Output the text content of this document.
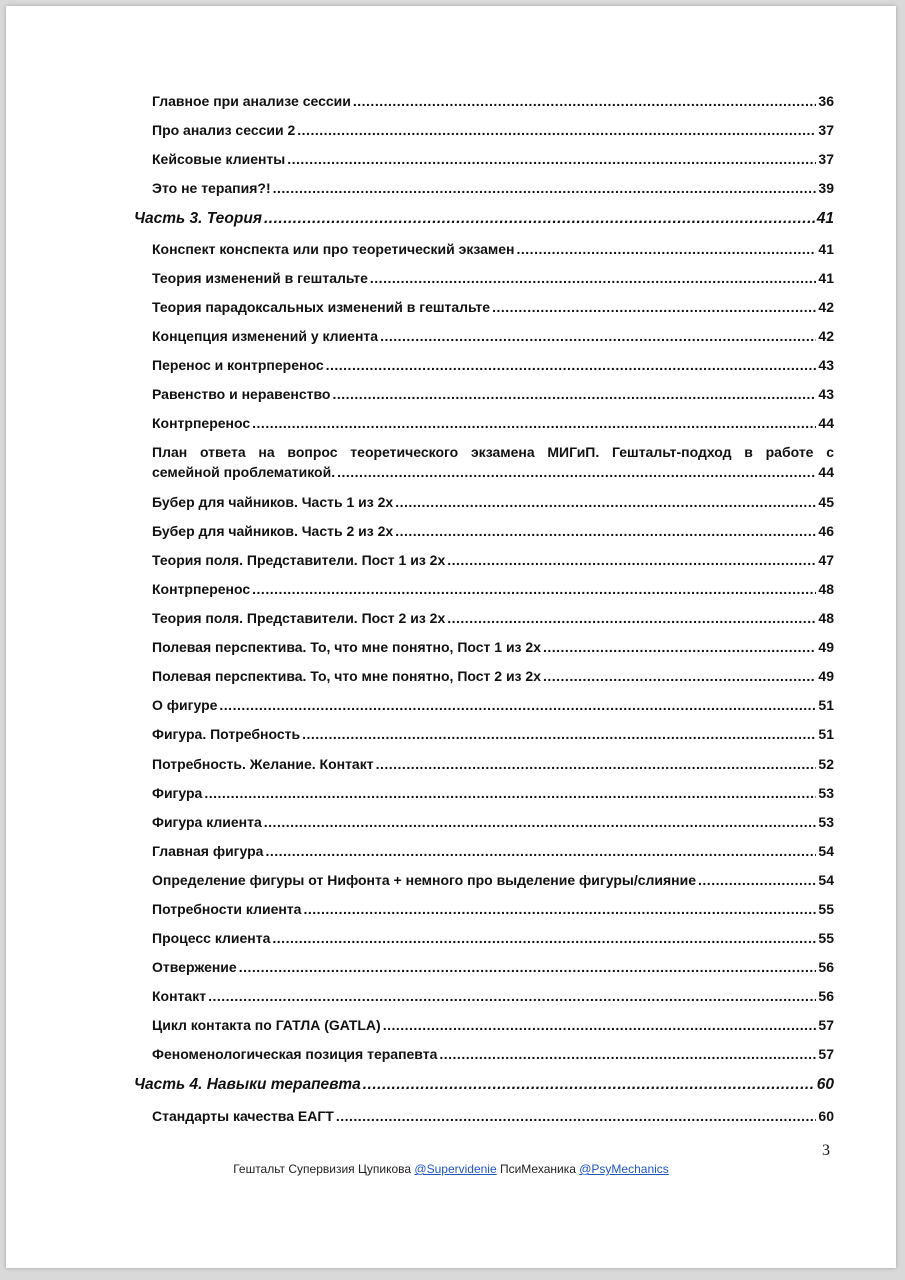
Главное при анализе сессии .....	36
Про анализ сессии 2 .....	37
Кейсовые клиенты .....	37
Это не терапия?! .....	39
Часть 3. Теория .....	41
Конспект конспекта или про теоретический экзамен .....	41
Теория изменений в гештальте .....	41
Теория парадоксальных изменений в гештальте .....	42
Концепция изменений у клиента .....	42
Перенос и контрперенос .....	43
Равенство и неравенство .....	43
Контрперенос .....	44
План ответа на вопрос теоретического экзамена МИГиП. Гештальт-подход в работе с
семейной проблематикой. .....	44
Бубер для чайников. Часть 1 из 2х .....	45
Бубер для чайников. Часть 2 из 2х .....	46
Теория поля. Представители. Пост 1 из 2х .....	47
Контрперенос .....	48
Теория поля. Представители. Пост 2 из 2х .....	48
Полевая перспектива. То, что мне понятно, Пост 1 из 2х .....	49
Полевая перспектива. То, что мне понятно, Пост 2 из 2х .....	49
О фигуре .....	51
Фигура. Потребность .....	51
Потребность. Желание. Контакт .....	52
Фигура .....	53
Фигура клиента .....	53
Главная фигура .....	54
Определение фигуры от Нифонта + немного про выделение фигуры/слияние .....	54
Потребности клиента .....	55
Процесс клиента .....	55
Отвержение .....	56
Контакт .....	56
Цикл контакта по ГАТЛА (GATLA) .....	57
Феноменологическая позиция терапевта .....	57
Часть 4. Навыки терапевта .....	60
Стандарты качества ЕАГТ .....	60
3
Гештальт Супервизия Цупикова @Supervidenie ПсиМеханика @PsyMechanics
